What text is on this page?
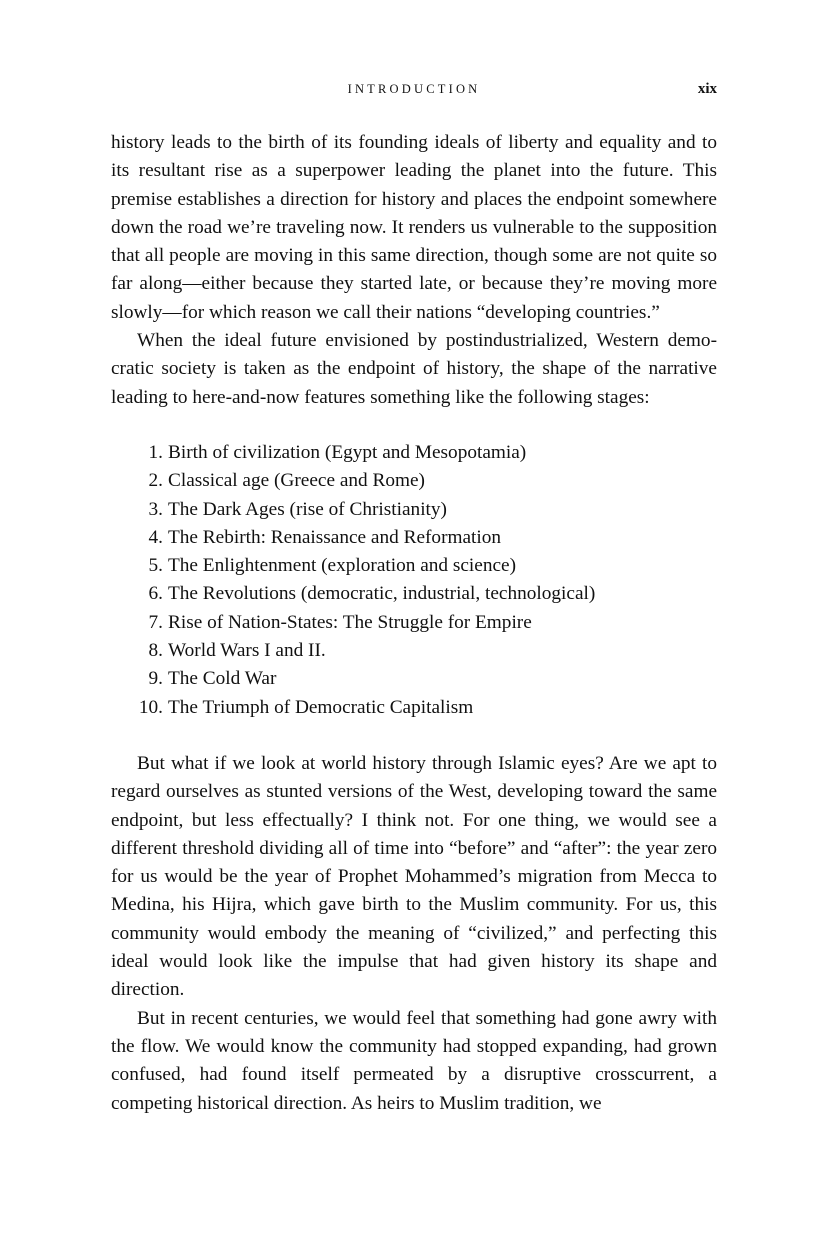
INTRODUCTION	xix

history leads to the birth of its founding ideals of liberty and equality and to its resultant rise as a superpower leading the planet into the future. This premise establishes a direction for history and places the endpoint somewhere down the road we’re traveling now. It renders us vulnerable to the supposition that all people are moving in this same direction, though some are not quite so far along—either because they started late, or because they’re moving more slowly—for which reason we call their nations “developing countries.”

When the ideal future envisioned by postindustrialized, Western democratic society is taken as the endpoint of history, the shape of the narrative leading to here-and-now features something like the following stages:

1. Birth of civilization (Egypt and Mesopotamia)
2. Classical age (Greece and Rome)
3. The Dark Ages (rise of Christianity)
4. The Rebirth: Renaissance and Reformation
5. The Enlightenment (exploration and science)
6. The Revolutions (democratic, industrial, technological)
7. Rise of Nation-States: The Struggle for Empire
8. World Wars I and II.
9. The Cold War
10. The Triumph of Democratic Capitalism

But what if we look at world history through Islamic eyes? Are we apt to regard ourselves as stunted versions of the West, developing toward the same endpoint, but less effectually? I think not. For one thing, we would see a different threshold dividing all of time into “before” and “after”: the year zero for us would be the year of Prophet Mohammed’s migration from Mecca to Medina, his Hijra, which gave birth to the Muslim community. For us, this community would embody the meaning of “civilized,” and perfecting this ideal would look like the impulse that had given history its shape and direction.

But in recent centuries, we would feel that something had gone awry with the flow. We would know the community had stopped expanding, had grown confused, had found itself permeated by a disruptive crosscurrent, a competing historical direction. As heirs to Muslim tradition, we
